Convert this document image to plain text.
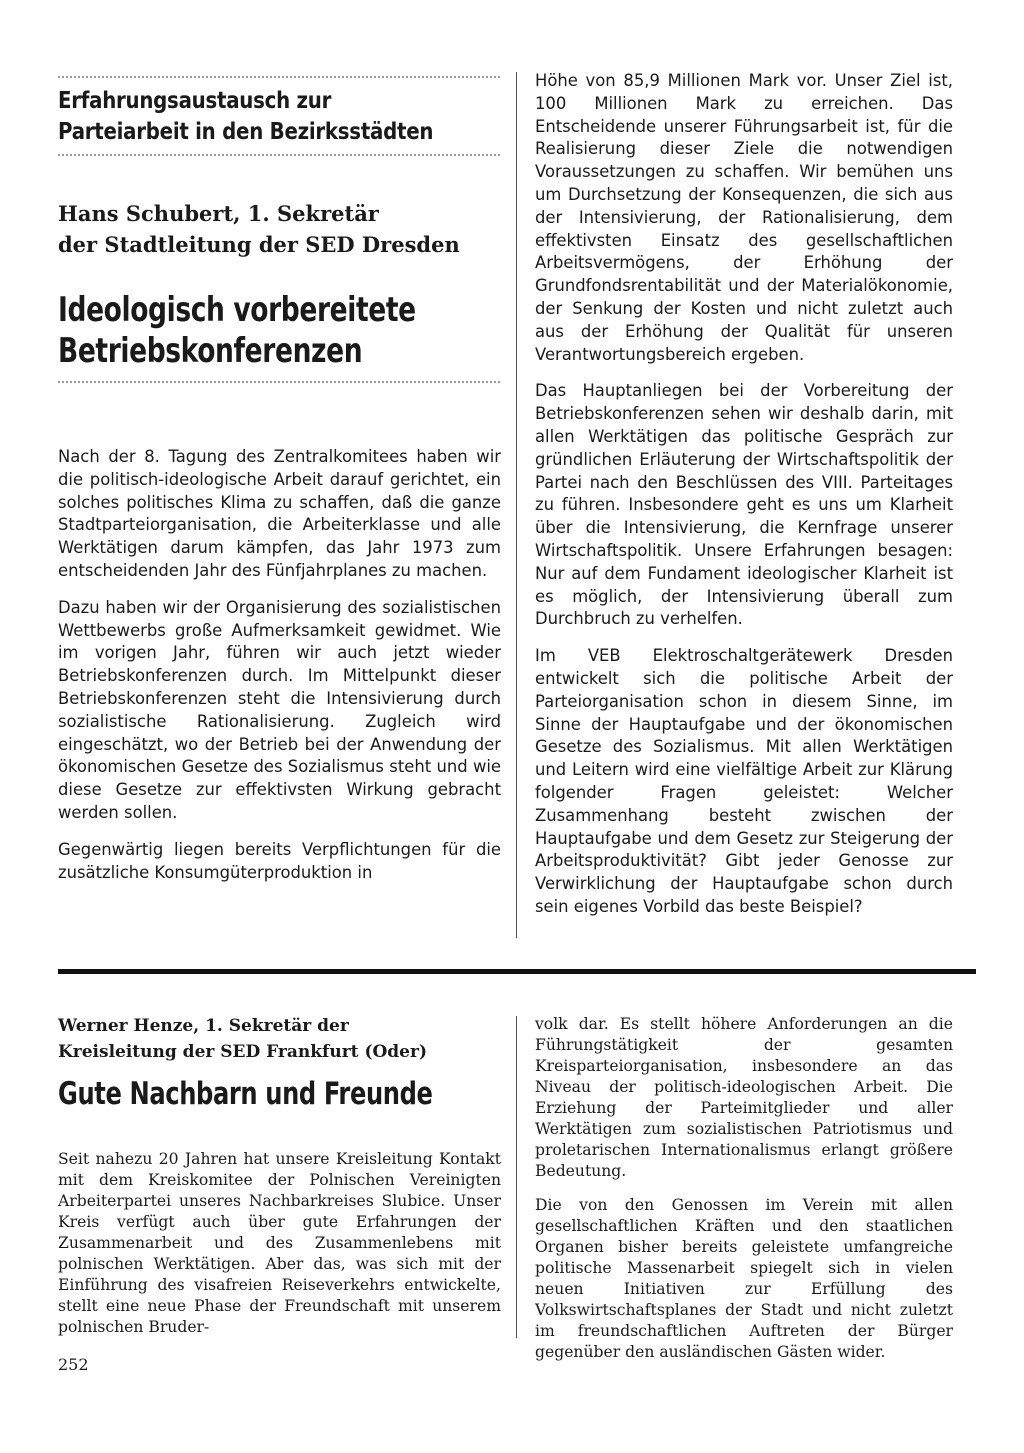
Erfahrungsaustausch zur
Parteiarbeit in den Bezirksstädten
Hans Schubert, 1. Sekretär
der Stadtleitung der SED Dresden
Ideologisch vorbereitete
Betriebskonferenzen

Nach der 8. Tagung des Zentralkomitees haben wir die politisch-ideologische Arbeit darauf gerichtet, ein solches politisches Klima zu schaffen, daß die ganze Stadtparteiorganisation, die Arbeiterklasse und alle Werktätigen darum kämpfen, das Jahr 1973 zum entscheidenden Jahr des Fünfjahrplanes zu machen.

Dazu haben wir der Organisierung des sozialistischen Wettbewerbs große Aufmerksamkeit gewidmet. Wie im vorigen Jahr, führen wir auch jetzt wieder Betriebskonferenzen durch. Im Mittelpunkt dieser Betriebskonferenzen steht die Intensivierung durch sozialistische Rationalisierung. Zugleich wird eingeschätzt, wo der Betrieb bei der Anwendung der ökonomischen Gesetze des Sozialismus steht und wie diese Gesetze zur effektivsten Wirkung gebracht werden sollen.

Gegenwärtig liegen bereits Verpflichtungen für die zusätzliche Konsumgüterproduktion in

Höhe von 85,9 Millionen Mark vor. Unser Ziel ist, 100 Millionen Mark zu erreichen. Das Entscheidende unserer Führungsarbeit ist, für die Realisierung dieser Ziele die notwendigen Voraussetzungen zu schaffen. Wir bemühen uns um Durchsetzung der Konsequenzen, die sich aus der Intensivierung, der Rationalisierung, dem effektivsten Einsatz des gesellschaftlichen Arbeitsvermögens, der Erhöhung der Grundfondsrentabilität und der Materialökonomie, der Senkung der Kosten und nicht zuletzt auch aus der Erhöhung der Qualität für unseren Verantwortungsbereich ergeben.

Das Hauptanliegen bei der Vorbereitung der Betriebskonferenzen sehen wir deshalb darin, mit allen Werktätigen das politische Gespräch zur gründlichen Erläuterung der Wirtschaftspolitik der Partei nach den Beschlüssen des VIII. Parteitages zu führen. Insbesondere geht es uns um Klarheit über die Intensivierung, die Kernfrage unserer Wirtschaftspolitik. Unsere Erfahrungen besagen: Nur auf dem Fundament ideologischer Klarheit ist es möglich, der Intensivierung überall zum Durchbruch zu verhelfen.

Im VEB Elektroschaltgerätewerk Dresden entwickelt sich die politische Arbeit der Parteiorganisation schon in diesem Sinne, im Sinne der Hauptaufgabe und der ökonomischen Gesetze des Sozialismus. Mit allen Werktätigen und Leitern wird eine vielfältige Arbeit zur Klärung folgender Fragen geleistet: Welcher Zusammenhang besteht zwischen der Hauptaufgabe und dem Gesetz zur Steigerung der Arbeitsproduktivität? Gibt jeder Genosse zur Verwirklichung der Hauptaufgabe schon durch sein eigenes Vorbild das beste Beispiel?

Werner Henze, 1. Sekretär der
Kreisleitung der SED Frankfurt (Oder)
Gute Nachbarn und Freunde

Seit nahezu 20 Jahren hat unsere Kreisleitung Kontakt mit dem Kreiskomitee der Polnischen Vereinigten Arbeiterpartei unseres Nachbarkreises Slubice. Unser Kreis verfügt auch über gute Erfahrungen der Zusammenarbeit und des Zusammenlebens mit polnischen Werktätigen. Aber das, was sich mit der Einführung des visafreien Reiseverkehrs entwickelte, stellt eine neue Phase der Freundschaft mit unserem polnischen Bruder-

volk dar. Es stellt höhere Anforderungen an die Führungstätigkeit der gesamten Kreisparteiorganisation, insbesondere an das Niveau der politisch-ideologischen Arbeit. Die Erziehung der Parteimitglieder und aller Werktätigen zum sozialistischen Patriotismus und proletarischen Internationalismus erlangt größere Bedeutung.

Die von den Genossen im Verein mit allen gesellschaftlichen Kräften und den staatlichen Organen bisher bereits geleistete umfangreiche politische Massenarbeit spiegelt sich in vielen neuen Initiativen zur Erfüllung des Volkswirtschaftsplanes der Stadt und nicht zuletzt im freundschaftlichen Auftreten der Bürger gegenüber den ausländischen Gästen wider.

252
